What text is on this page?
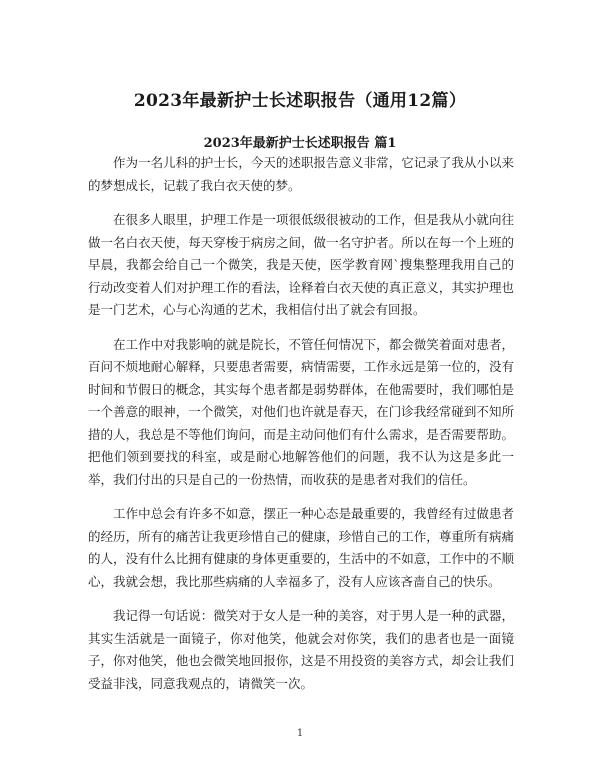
2023年最新护士长述职报告（通用12篇）
2023年最新护士长述职报告 篇1

作为一名儿科的护士长，今天的述职报告意义非常，它记录了我从小以来的梦想成长，记载了我白衣天使的梦。

在很多人眼里，护理工作是一项很低级很被动的工作，但是我从小就向往做一名白衣天使，每天穿梭于病房之间，做一名守护者。所以在每一个上班的早晨，我都会给自己一个微笑，我是天使，医学教育网`搜集整理我用自己的行动改变着人们对护理工作的看法，诠释着白衣天使的真正意义，其实护理也是一门艺术，心与心沟通的艺术，我相信付出了就会有回报。

在工作中对我影响的就是院长，不管任何情况下，都会微笑着面对患者，百问不烦地耐心解释，只要患者需要，病情需要，工作永远是第一位的，没有时间和节假日的概念，其实每个患者都是弱势群体，在他需要时，我们哪怕是一个善意的眼神，一个微笑，对他们也许就是春天，在门诊我经常碰到不知所措的人，我总是不等他们询问，而是主动问他们有什么需求，是否需要帮助。把他们领到要找的科室，或是耐心地解答他们的问题，我不认为这是多此一举，我们付出的只是自己的一份热情，而收获的是患者对我们的信任。

工作中总会有许多不如意，摆正一种心态是最重要的，我曾经有过做患者的经历，所有的痛苦让我更珍惜自己的健康，珍惜自己的工作，尊重所有病痛的人，没有什么比拥有健康的身体更重要的，生活中的不如意，工作中的不顺心，我就会想，我比那些病痛的人幸福多了，没有人应该吝啬自己的快乐。

我记得一句话说：微笑对于女人是一种的美容，对于男人是一种的武器，其实生活就是一面镜子，你对他笑，他就会对你笑，我们的患者也是一面镜子，你对他笑，他也会微笑地回报你，这是不用投资的美容方式，却会让我们受益非浅，同意我观点的，请微笑一次。

1
